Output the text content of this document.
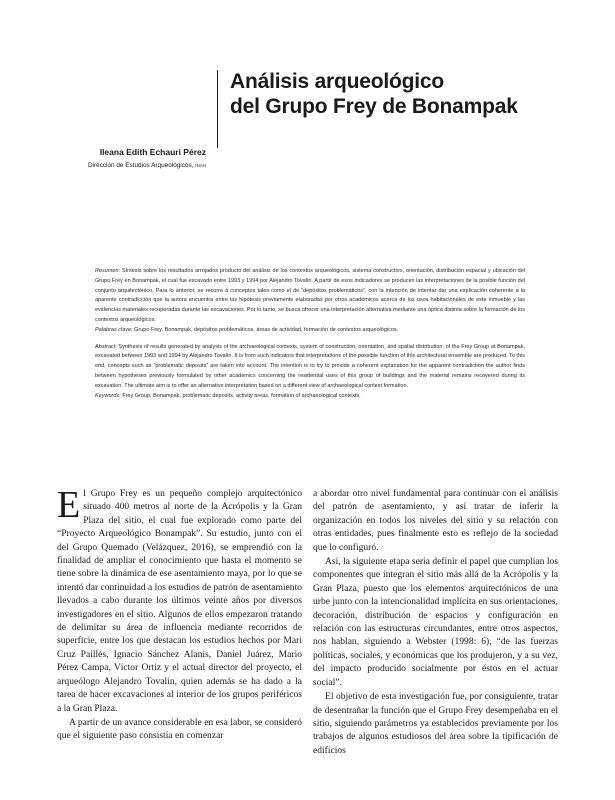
Análisis arqueológico
del Grupo Frey de Bonampak
Ileana Edith Echauri Pérez
Dirección de Estudios Arqueológicos, INAH

Resumen: Síntesis sobre los resultados arrojados producto del análisis de los contextos arqueológicos, sistema constructivo, orientación, distribución espacial y ubicación del Grupo Frey en Bonampak, el cual fue excavado entre 1993 y 1994 por Alejandro Tovalín. A partir de esos indicadores se producen las interpretaciones de la posible función del conjunto arquitectónico. Para lo anterior, se recurre a conceptos tales como el de “depósitos problemáticos”, con la intención de intentar dar una explicación coherente a la aparente contradicción que la autora encuentra entre las hipótesis previamente elaboradas por otros académicos acerca de los usos habitacionales de este inmueble y las evidencias materiales recuperadas durante las excavaciones. Por lo tanto, se busca ofrecer una interpretación alternativa mediante una óptica distinta sobre la formación de los contextos arqueológicos.

Palabras clave: Grupo Frey, Bonampak, depósitos problemáticos, áreas de actividad, formación de contextos arqueológicos.

Abstract: Synthesis of results generated by analysis of the archaeological contexts, system of construction, orientation, and spatial distribution, of the Frey Group at Bonampak, excavated between 1993 and 1994 by Alejandro Tovalín. It is from such indicators that interpretations of the possible function of this architectural ensemble are produced. To this end, concepts such as “problematic deposits” are taken into account. The intention is to try to provide a coherent explanation for the apparent contradiction the author finds between hypotheses previously formulated by other academics concerning the residential uses of this group of buildings and the material remains recovered during its excavation. The ultimate aim is to offer an alternative interpretation based on a different view of archaeological context formation.

Keywords: Frey Group, Bonampak, problematic deposits, activity areas, formation of archaeological contexts.

El Grupo Frey es un pequeño complejo arquitectónico situado 400 metros al norte de la Acrópolis y la Gran Plaza del sitio, el cual fue explorado como parte del “Proyecto Arqueológico Bonampak”. Su estudio, junto con el del Grupo Quemado (Velázquez, 2016), se emprendió con la finalidad de ampliar el conocimiento que hasta el momento se tiene sobre la dinámica de ese asentamiento maya, por lo que se intentó dar continuidad a los estudios de patrón de asentamiento llevados a cabo durante los últimos veinte años por diversos investigadores en el sitio. Algunos de ellos empezaron tratando de delimitar su área de influencia mediante recorridos de superficie, entre los que destacan los estudios hechos por Mari Cruz Paillés, Ignacio Sánchez Alanis, Daniel Juárez, Mario Pérez Campa, Víctor Ortiz y el actual director del proyecto, el arqueólogo Alejandro Tovalín, quien además se ha dado a la tarea de hacer excavaciones al interior de los grupos periféricos a la Gran Plaza.

A partir de un avance considerable en esa labor, se consideró que el siguiente paso consistía en comenzar

a abordar otro nivel fundamental para continuar con el análisis del patrón de asentamiento, y así tratar de inferir la organización en todos los niveles del sitio y su relación con otras entidades, pues finalmente esto es reflejo de la sociedad que lo configuró.

Así, la siguiente etapa sería definir el papel que cumplían los componentes que integran el sitio más allá de la Acrópolis y la Gran Plaza, puesto que los elementos arquitectónicos de una urbe junto con la intencionalidad implícita en sus orientaciones, decoración, distribución de espacios y configuración en relación con las estructuras circundantes, entre otros aspectos, nos hablan, siguiendo a Webster (1998: 6), “de las fuerzas políticas, sociales, y económicas que los produjeron, y a su vez, del impacto producido socialmente por éstos en el actuar social”.

El objetivo de esta investigación fue, por consiguiente, tratar de desentrañar la función que el Grupo Frey desempeñaba en el sitio, siguiendo parámetros ya establecidos previamente por los trabajos de algunos estudiosos del área sobre la tipificación de edificios
